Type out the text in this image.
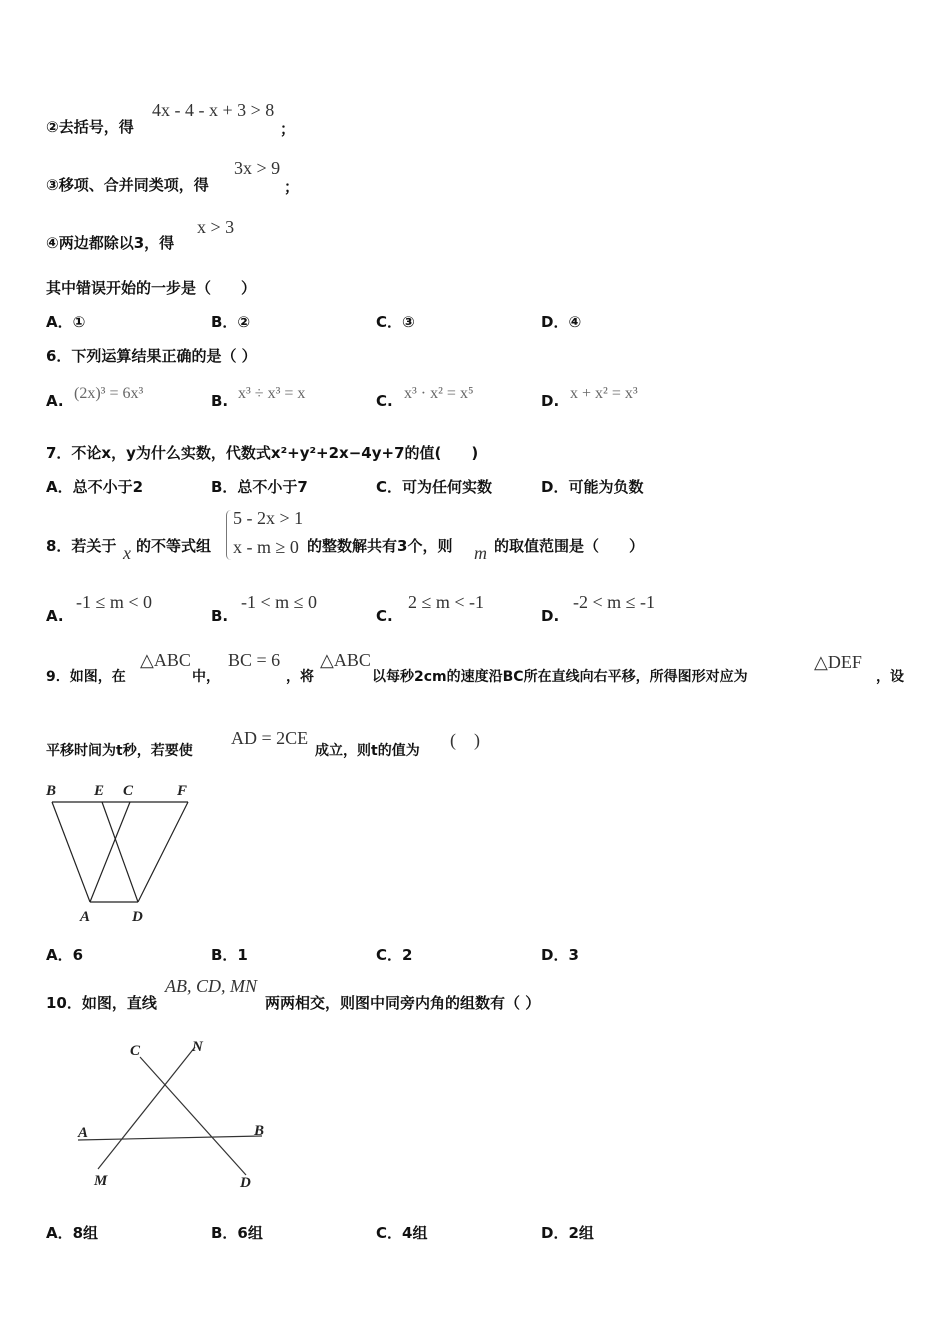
②去括号，得
4x - 4 - x + 3 > 8
；
③移项、合并同类项，得
3x > 9
；
④两边都除以3，得
x > 3
其中错误开始的一步是（　　）
A．①	B．②	C．③	D．④
6．下列运算结果正确的是（ ）
A. (2x)³ = 6x³	B. x³ ÷ x³ = x	C. x³ · x² = x⁵	D. x + x² = x³
7．不论x，y为什么实数，代数式x²+y²+2x−4y+7的值(　　)
A．总不小于2	B．总不小于7	C．可为任何实数	D．可能为负数
8．若关于 x 的不等式组
5 - 2x > 1
x - m ≥ 0 的整数解共有3个，则 m 的取值范围是（　　）
A.
-1 ≤ m < 0
B.
-1 < m ≤ 0
C.
2 ≤ m < -1
D.
-2 < m ≤ -1
9．如图，在
△ABC
中，
BC = 6
，将
△ABC
以每秒2cm的速度沿BC所在直线向右平移，所得图形对应为
△DEF
，设
平移时间为t秒，若要使
AD = 2CE
成立，则t的值为
(　)
B	E C	F
A	D
A．6	B．1	C．2	D．3
10．如图，直线
AB, CD, MN
两两相交，则图中同旁内角的组数有（ ）
C	N
A	B
M	D
A．8组	B．6组	C．4组	D．2组
